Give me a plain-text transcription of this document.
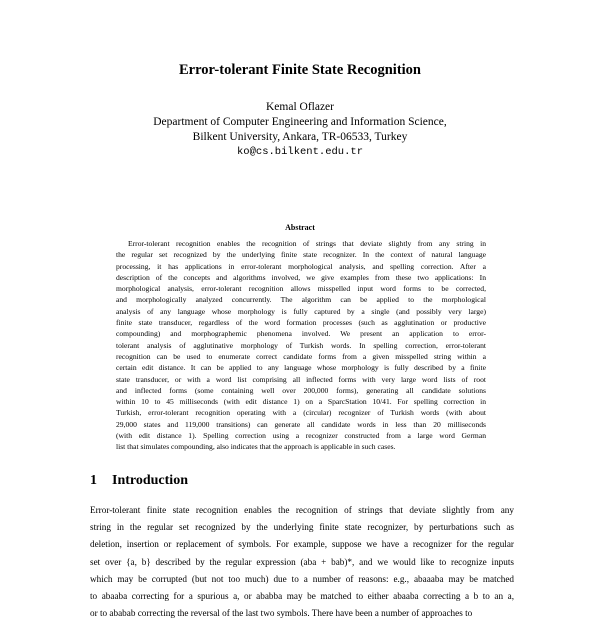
Error-tolerant Finite State Recognition
Kemal Oflazer
Department of Computer Engineering and Information Science,
Bilkent University, Ankara, TR-06533, Turkey
ko@cs.bilkent.edu.tr
Abstract
Error-tolerant recognition enables the recognition of strings that deviate slightly from any string in
the regular set recognized by the underlying finite state recognizer. In the context of natural language
processing, it has applications in error-tolerant morphological analysis, and spelling correction. After a
description of the concepts and algorithms involved, we give examples from these two applications: In
morphological analysis, error-tolerant recognition allows misspelled input word forms to be corrected,
and morphologically analyzed concurrently. The algorithm can be applied to the morphological
analysis of any language whose morphology is fully captured by a single (and possibly very large)
finite state transducer, regardless of the word formation processes (such as agglutination or productive
compounding) and morphographemic phenomena involved. We present an application to error-
tolerant analysis of agglutinative morphology of Turkish words. In spelling correction, error-tolerant
recognition can be used to enumerate correct candidate forms from a given misspelled string within a
certain edit distance. It can be applied to any language whose morphology is fully described by a finite
state transducer, or with a word list comprising all inflected forms with very large word lists of root
and inflected forms (some containing well over 200,000 forms), generating all candidate solutions
within 10 to 45 milliseconds (with edit distance 1) on a SparcStation 10/41. For spelling correction in
Turkish, error-tolerant recognition operating with a (circular) recognizer of Turkish words (with about
29,000 states and 119,000 transitions) can generate all candidate words in less than 20 milliseconds
(with edit distance 1). Spelling correction using a recognizer constructed from a large word German
list that simulates compounding, also indicates that the approach is applicable in such cases.
1 Introduction
Error-tolerant finite state recognition enables the recognition of strings that deviate slightly from any
string in the regular set recognized by the underlying finite state recognizer, by perturbations such as
deletion, insertion or replacement of symbols. For example, suppose we have a recognizer for the regular
set over {a, b} described by the regular expression (aba + bab)*, and we would like to recognize inputs
which may be corrupted (but not too much) due to a number of reasons: e.g., abaaaba may be matched
to abaaba correcting for a spurious a, or ababba may be matched to either abaaba correcting a b to an a,
or to ababab correcting the reversal of the last two symbols. There have been a number of approaches to
